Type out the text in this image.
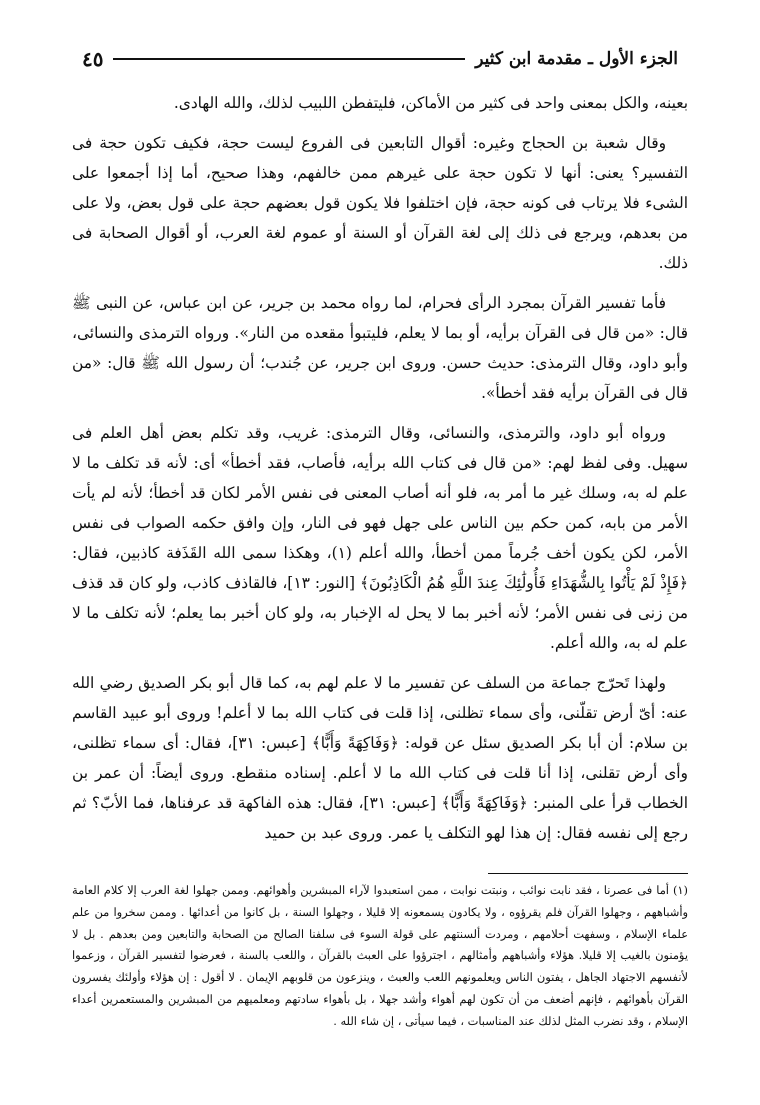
الجزء الأول ـ مقدمة ابن كثير
٤٥

بعينه، والكل بمعنى واحد فى كثير من الأماكن، فليتفطن اللبيب لذلك، والله الهادى.

وقال شعبة بن الحجاج وغيره: أقوال التابعين فى الفروع ليست حجة، فكيف تكون حجة فى التفسير؟ يعنى: أنها لا تكون حجة على غيرهم ممن خالفهم، وهذا صحيح، أما إذا أجمعوا على الشىء فلا يرتاب فى كونه حجة، فإن اختلفوا فلا يكون قول بعضهم حجة على قول بعض، ولا على من بعدهم، ويرجع فى ذلك إلى لغة القرآن أو السنة أو عموم لغة العرب، أو أقوال الصحابة فى ذلك.

فأما تفسير القرآن بمجرد الرأى فحرام، لما رواه محمد بن جرير، عن ابن عباس، عن النبى ﷺ قال: «من قال فى القرآن برأيه، أو بما لا يعلم، فليتبوأ مقعده من النار». ورواه الترمذى والنسائى، وأبو داود، وقال الترمذى: حديث حسن. وروى ابن جرير، عن جُندب؛ أن رسول الله ﷺ قال: «من قال فى القرآن برأيه فقد أخطأ».

ورواه أبو داود، والترمذى، والنسائى، وقال الترمذى: غريب، وقد تكلم بعض أهل العلم فى سهيل. وفى لفظ لهم: «من قال فى كتاب الله برأيه، فأصاب، فقد أخطأ» أى: لأنه قد تكلف ما لا علم له به، وسلك غير ما أمر به، فلو أنه أصاب المعنى فى نفس الأمر لكان قد أخطأ؛ لأنه لم يأت الأمر من بابه، كمن حكم بين الناس على جهل فهو فى النار، وإن وافق حكمه الصواب فى نفس الأمر، لكن يكون أخف جُرماً ممن أخطأ، والله أعلم (١)، وهكذا سمى الله القَذَفة كاذبين، فقال: ﴿فَإِذْ لَمْ يَأْتُوا بِالشُّهَدَاءِ فَأُولَٰئِكَ عِندَ اللَّهِ هُمُ الْكَاذِبُونَ﴾ [النور: ١٣]، فالقاذف كاذب، ولو كان قد قذف من زنى فى نفس الأمر؛ لأنه أخبر بما لا يحل له الإخبار به، ولو كان أخبر بما يعلم؛ لأنه تكلف ما لا علم له به، والله أعلم.

ولهذا تَحرّج جماعة من السلف عن تفسير ما لا علم لهم به، كما قال أبو بكر الصديق رضي الله عنه: أىّ أرض تقلّنى، وأى سماء تظلنى، إذا قلت فى كتاب الله بما لا أعلم! وروى أبو عبيد القاسم بن سلام: أن أبا بكر الصديق سئل عن قوله: ﴿وَفَاكِهَةً وَأَبًّا﴾ [عبس: ٣١]، فقال: أى سماء تظلنى، وأى أرض تقلنى، إذا أنا قلت فى كتاب الله ما لا أعلم. إسناده منقطع. وروى أيضاً: أن عمر بن الخطاب قرأ على المنبر: ﴿وَفَاكِهَةً وَأَبًّا﴾ [عبس: ٣١]، فقال: هذه الفاكهة قد عرفناها، فما الأبّ؟ ثم رجع إلى نفسه فقال: إن هذا لهو التكلف يا عمر. وروى عبد بن حميد

(١) أما فى عصرنا ، فقد نابت نوائب ، ونبتت نوابت ، ممن استعبدوا لآراء المبشرين وأهوائهم. وممن جهلوا لغة العرب إلا كلام العامة وأشباههم ، وجهلوا القرآن فلم يقرؤوه ، ولا يكادون يسمعونه إلا قليلا ، وجهلوا السنة ، بل كانوا من أعدائها . وممن سخروا من علم علماء الإسلام ، وسفهت أحلامهم ، ومردت ألسنتهم على قولة السوء فى سلفنا الصالح من الصحابة والتابعين ومن بعدهم . بل لا يؤمنون بالغيب إلا قليلا. هؤلاء وأشباههم وأمثالهم ، اجترؤوا على العبث بالقرآن ، واللعب بالسنة ، فعرضوا لتفسير القرآن ، وزعموا لأنفسهم الاجتهاد الجاهل ، يفتون الناس ويعلمونهم اللعب والعبث ، وينزعون من قلوبهم الإيمان . لا أقول : إن هؤلاء وأولئك يفسرون القرآن بأهوائهم ، فإنهم أضعف من أن تكون لهم أهواء وأشد جهلا ، بل بأهواء سادتهم ومعلميهم من المبشرين والمستعمرين أعداء الإسلام ، وقد نضرب المثل لذلك عند المناسبات ، فيما سيأتى ، إن شاء الله .
